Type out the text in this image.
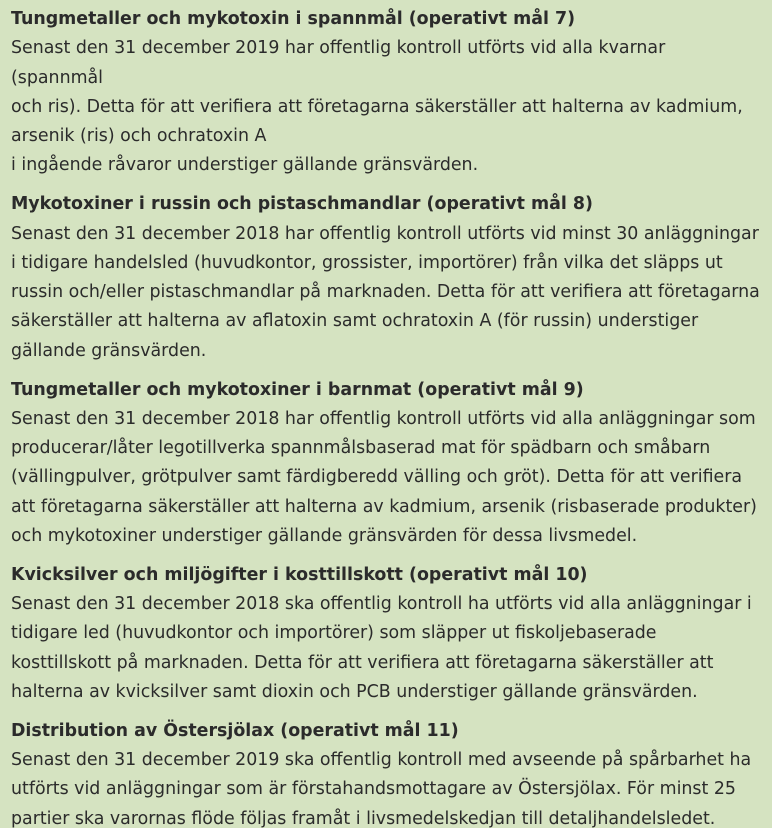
Tungmetaller och mykotoxin i spannmål (operativt mål 7)

Senast den 31 december 2019 har offentlig kontroll utförts vid alla kvarnar (spannmål
och ris). Detta för att verifiera att företagarna säkerställer att halterna av kadmium,
arsenik (ris) och ochratoxin A
i ingående råvaror understiger gällande gränsvärden.

Mykotoxiner i russin och pistaschmandlar (operativt mål 8)

Senast den 31 december 2018 har offentlig kontroll utförts vid minst 30 anläggningar
i tidigare handelsled (huvudkontor, grossister, importörer) från vilka det släpps ut
russin och/eller pistaschmandlar på marknaden. Detta för att verifiera att företagarna
säkerställer att halterna av aflatoxin samt ochratoxin A (för russin) understiger
gällande gränsvärden.

Tungmetaller och mykotoxiner i barnmat (operativt mål 9)

Senast den 31 december 2018 har offentlig kontroll utförts vid alla anläggningar som
producerar/låter legotillverka spannmålsbaserad mat för spädbarn och småbarn
(vällingpulver, grötpulver samt färdigberedd välling och gröt). Detta för att verifiera
att företagarna säkerställer att halterna av kadmium, arsenik (risbaserade produkter)
och mykotoxiner understiger gällande gränsvärden för dessa livsmedel.

Kvicksilver och miljögifter i kosttillskott (operativt mål 10)

Senast den 31 december 2018 ska offentlig kontroll ha utförts vid alla anläggningar i
tidigare led (huvudkontor och importörer) som släpper ut fiskoljebaserade
kosttillskott på marknaden. Detta för att verifiera att företagarna säkerställer att
halterna av kvicksilver samt dioxin och PCB understiger gällande gränsvärden.

Distribution av Östersjölax (operativt mål 11)

Senast den 31 december 2019 ska offentlig kontroll med avseende på spårbarhet ha
utförts vid anläggningar som är förstahandsmottagare av Östersjölax. För minst 25
partier ska varornas flöde följas framåt i livsmedelskedjan till detaljhandelsledet.
